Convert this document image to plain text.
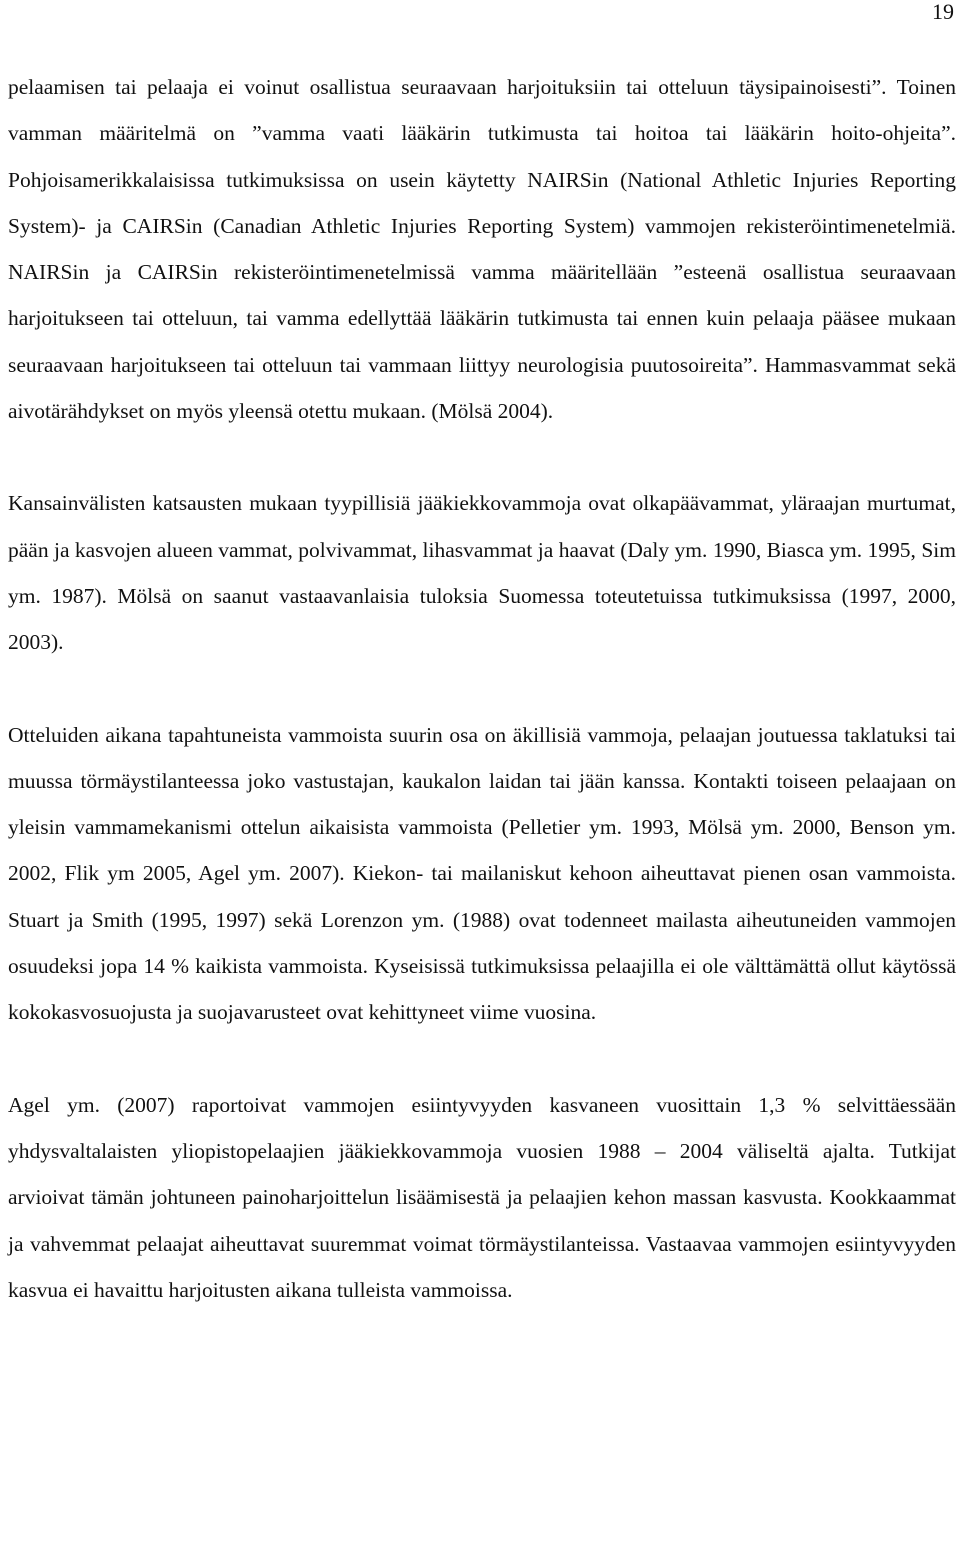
19

pelaamisen tai pelaaja ei voinut osallistua seuraavaan harjoituksiin tai otteluun täysipainoisesti”. Toinen vamman määritelmä on ”vamma vaati lääkärin tutkimusta tai hoitoa tai lääkärin hoito-ohjeita”. Pohjoisamerikkalaisissa tutkimuksissa on usein käytetty NAIRSin (National Athletic Injuries Reporting System)- ja CAIRSin (Canadian Athletic Injuries Reporting System) vammojen rekisteröintimenetelmiä. NAIRSin ja CAIRSin rekisteröintimenetelmissä vamma määritellään ”esteenä osallistua seuraavaan harjoitukseen tai otteluun, tai vamma edellyttää lääkärin tutkimusta tai ennen kuin pelaaja pääsee mukaan seuraavaan harjoitukseen tai otteluun tai vammaan liittyy neurologisia puutosoireita”. Hammasvammat sekä aivotärähdykset on myös yleensä otettu mukaan. (Mölsä 2004).

Kansainvälisten katsausten mukaan tyypillisiä jääkiekkovammoja ovat olkapäävammat, yläraajan murtumat, pään ja kasvojen alueen vammat, polvivammat, lihasvammat ja haavat (Daly ym. 1990, Biasca ym. 1995, Sim ym. 1987). Mölsä on saanut vastaavanlaisia tuloksia Suomessa toteutetuissa tutkimuksissa (1997, 2000, 2003).

Otteluiden aikana tapahtuneista vammoista suurin osa on äkillisiä vammoja, pelaajan joutuessa taklatuksi tai muussa törmäystilanteessa joko vastustajan, kaukalon laidan tai jään kanssa. Kontakti toiseen pelaajaan on yleisin vammamekanismi ottelun aikaisista vammoista (Pelletier ym. 1993, Mölsä ym. 2000, Benson ym. 2002, Flik ym 2005, Agel ym. 2007). Kiekon- tai mailaniskut kehoon aiheuttavat pienen osan vammoista. Stuart ja Smith (1995, 1997) sekä Lorenzon ym. (1988) ovat todenneet mailasta aiheutuneiden vammojen osuudeksi jopa 14 % kaikista vammoista. Kyseisissä tutkimuksissa pelaajilla ei ole välttämättä ollut käytössä kokokasvosuojusta ja suojavarusteet ovat kehittyneet viime vuosina.

Agel ym. (2007) raportoivat vammojen esiintyvyyden kasvaneen vuosittain 1,3 % selvittäessään yhdysvaltalaisten yliopistopelaajien jääkiekkovammoja vuosien 1988 – 2004 väliseltä ajalta. Tutkijat arvioivat tämän johtuneen painoharjoittelun lisäämisestä ja pelaajien kehon massan kasvusta. Kookkaammat ja vahvemmat pelaajat aiheuttavat suuremmat voimat törmäystilanteissa. Vastaavaa vammojen esiintyvyyden kasvua ei havaittu harjoitusten aikana tulleista vammoissa.
